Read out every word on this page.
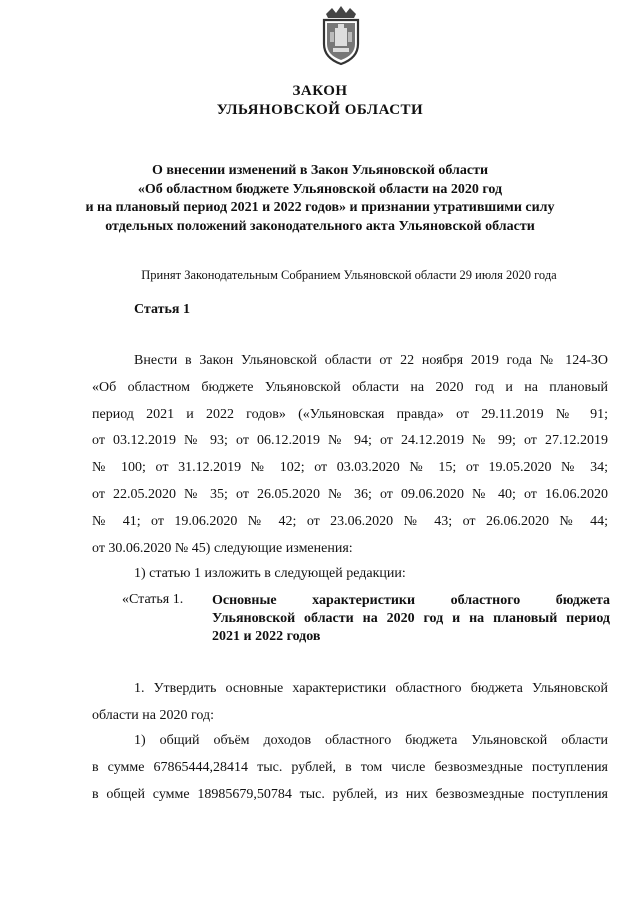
ЗАКОН
УЛЬЯНОВСКОЙ ОБЛАСТИ
О внесении изменений в Закон Ульяновской области
«Об областном бюджете Ульяновской области на 2020 год
и на плановый период 2021 и 2022 годов» и признании утратившими силу
отдельных положений законодательного акта Ульяновской области
Принят Законодательным Собранием Ульяновской области 29 июля 2020 года
Статья 1
Внести в Закон Ульяновской области от 22 ноября 2019 года № 124-ЗО
«Об областном бюджете Ульяновской области на 2020 год и на плановый
период 2021 и 2022 годов» («Ульяновская правда» от 29.11.2019 № 91;
от 03.12.2019 № 93; от 06.12.2019 № 94; от 24.12.2019 № 99; от 27.12.2019
№ 100; от 31.12.2019 № 102; от 03.03.2020 № 15; от 19.05.2020 № 34;
от 22.05.2020 № 35; от 26.05.2020 № 36; от 09.06.2020 № 40; от 16.06.2020
№ 41; от 19.06.2020 № 42; от 23.06.2020 № 43; от 26.06.2020 № 44;
от 30.06.2020 № 45) следующие изменения:
1) статью 1 изложить в следующей редакции:
«Статья 1. Основные характеристики областного бюджета
Ульяновской области на 2020 год и на плановый период
2021 и 2022 годов
1. Утвердить основные характеристики областного бюджета Ульяновской
области на 2020 год:
1) общий объём доходов областного бюджета Ульяновской области
в сумме 67865444,28414 тыс. рублей, в том числе безвозмездные поступления
в общей сумме 18985679,50784 тыс. рублей, из них безвозмездные поступления
